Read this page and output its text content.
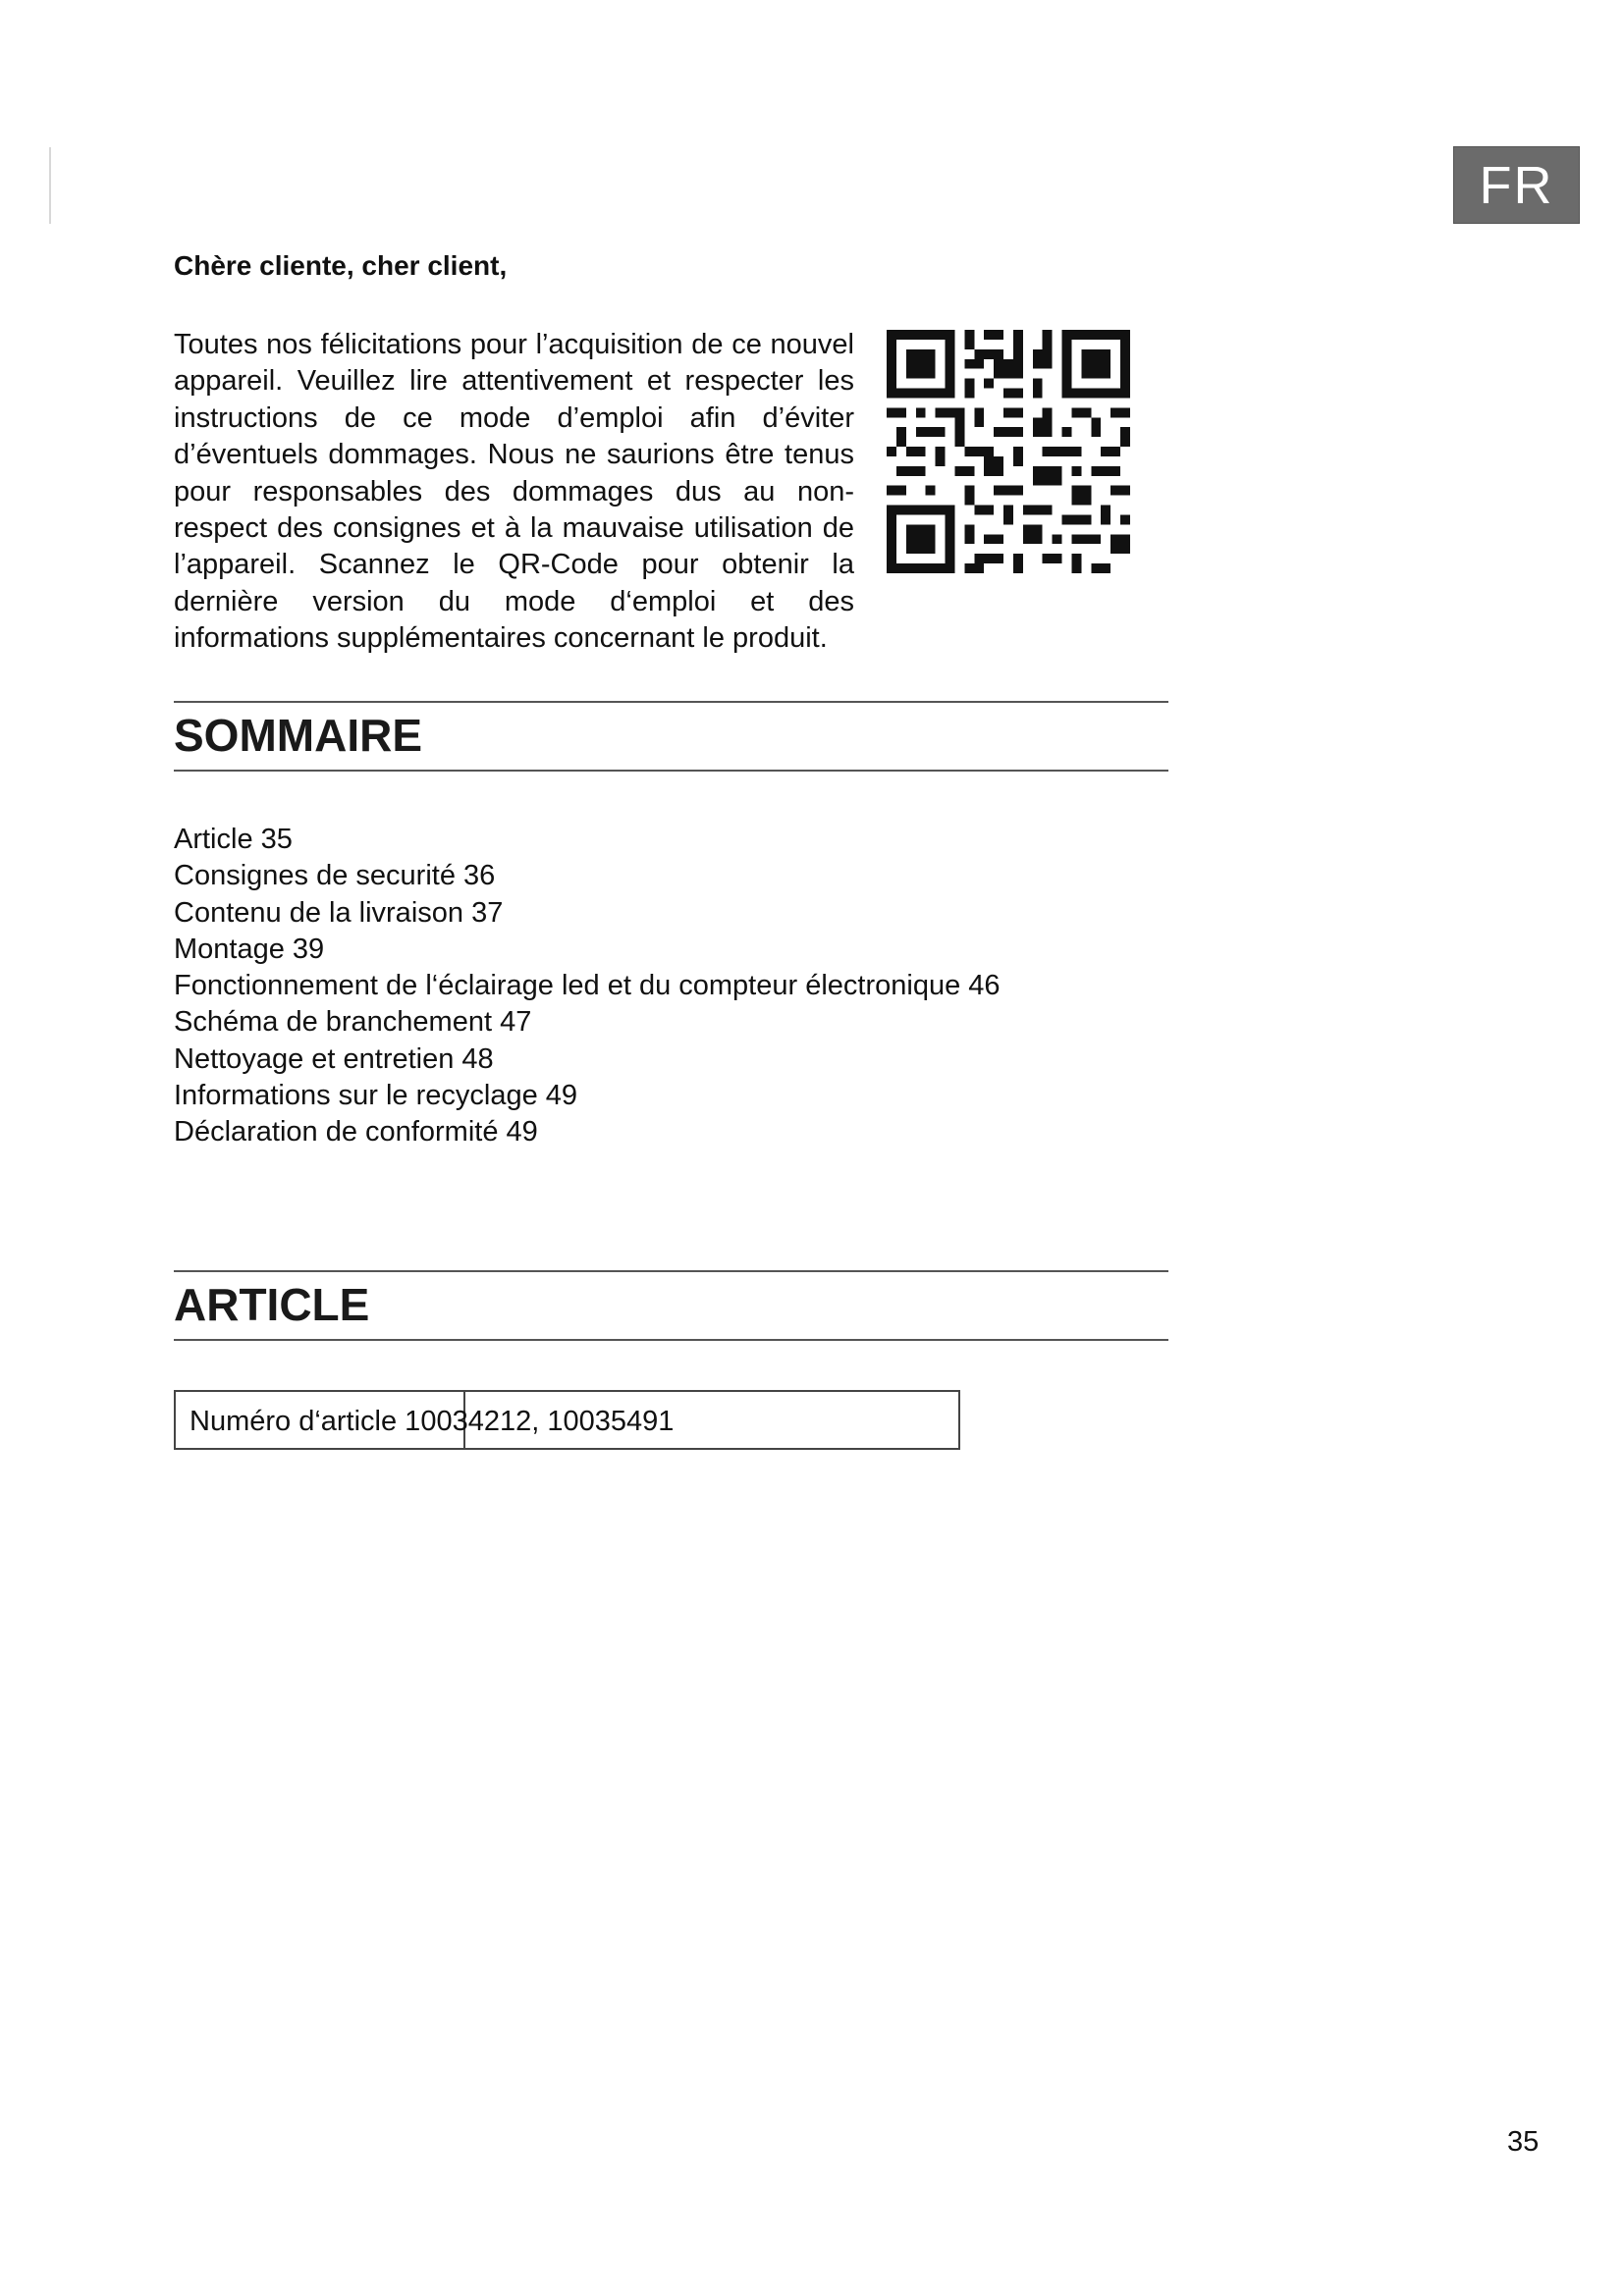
FR

Chère cliente, cher client,

Toutes nos félicitations pour l’acquisition de ce nouvel appareil. Veuillez lire attentivement et respecter les instructions de ce mode d’emploi afin d’éviter d’éventuels dommages. Nous ne saurions être tenus pour responsables des dommages dus au non-respect des consignes et à la mauvaise utilisation de l’appareil. Scannez le QR-Code pour obtenir la dernière version du mode d‘emploi et des informations supplémentaires concernant le produit.

SOMMAIRE
Article 35
Consignes de securité 36
Contenu de la livraison 37
Montage 39
Fonctionnement de l‘éclairage led et du compteur électronique 46
Schéma de branchement 47
Nettoyage et entretien 48
Informations sur le recyclage 49
Déclaration de conformité 49
ARTICLE
Numéro d‘article 10034212, 10035491
35
